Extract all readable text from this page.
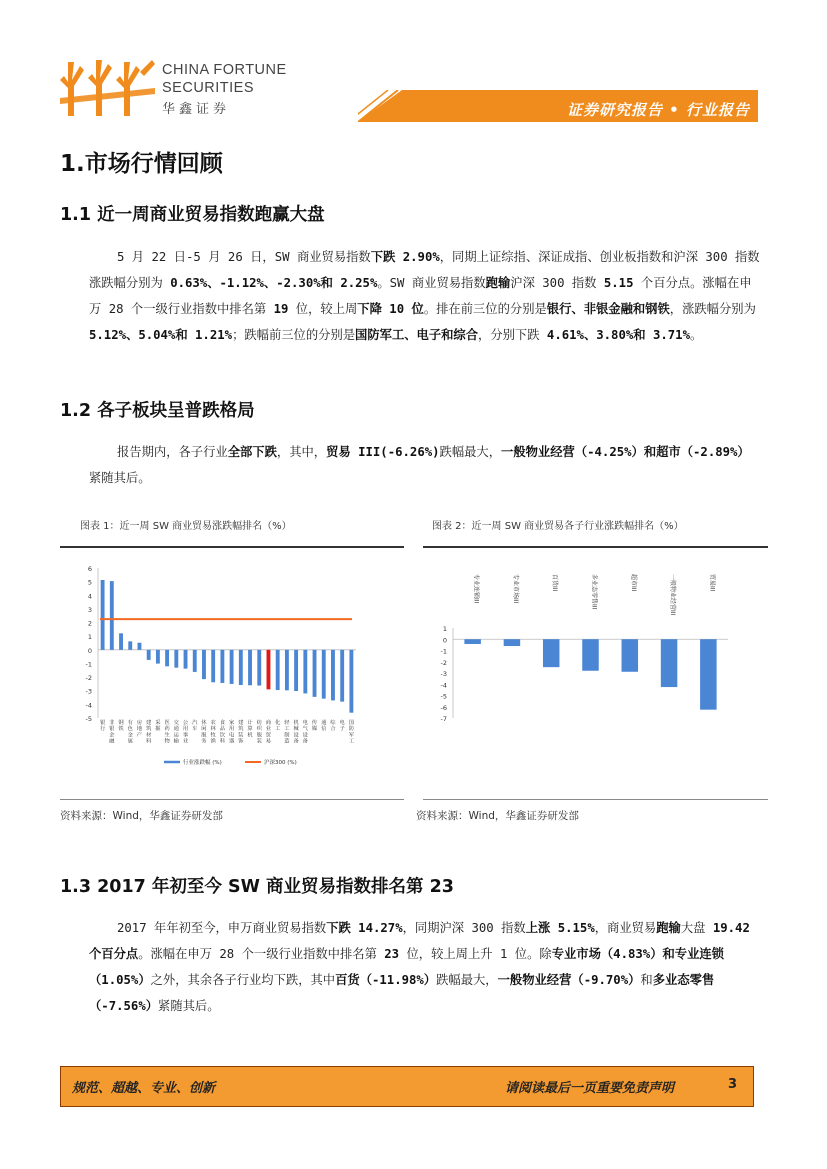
CHINA FORTUNE
SECURITIES
华鑫证券	证券研究报告 • 行业报告
1.市场行情回顾
1.1 近一周商业贸易指数跑赢大盘
5 月 22 日-5 月 26 日，SW 商业贸易指数下跌 2.90%，同期上证综指、深证成指、创业板指数和沪深 300 指数涨跌幅分别为 0.63%、-1.12%、-2.30%和 2.25%。SW 商业贸易指数跑输沪深 300 指数 5.15 个百分点。涨幅在申万 28 个一级行业指数中排名第 19 位，较上周下降 10 位。排在前三位的分别是银行、非银金融和钢铁，涨跌幅分别为 5.12%、5.04%和 1.21%；跌幅前三位的分别是国防军工、电子和综合，分别下跌 4.61%、3.80%和 3.71%。
1.2 各子板块呈普跌格局
报告期内，各子行业全部下跌，其中，贸易 III(-6.26%)跌幅最大，一般物业经营（-4.25%）和超市（-2.89%）紧随其后。
图表 1：近一周 SW 商业贸易涨跌幅排名（%）
6
5
4
3
2
1
0
-1
-2
-3
-4
-5 银行
非银金融
钢铁
有色金属
房地产
建筑材料
采掘
医药生物
交通运输
公用事业
汽车
休闲服务
农林牧渔
食品饮料
家用电器
建筑装饰
计算机
纺织服装
商业贸易
化工
轻工制造
机械设备
电气设备
传媒
通信
综合
电子
国防军工
行业涨跌幅 (%)	沪深300 (%)
资料来源：Wind，华鑫证券研发部
图表 2：近一周 SW 商业贸易各子行业涨跌幅排名（%）
1
0
-1
-2
-3
-4
-5
-6
-7
专业连锁III	专业市场III	百货III	多业态零售III	超市III	一般物业经营III	贸易III
资料来源：Wind，华鑫证券研发部
1.3 2017 年初至今 SW 商业贸易指数排名第 23
2017 年年初至今，申万商业贸易指数下跌 14.27%，同期沪深 300 指数上涨 5.15%，商业贸易跑输大盘 19.42 个百分点。涨幅在申万 28 个一级行业指数中排名第 23 位，较上周上升 1 位。除专业市场（4.83%）和专业连锁（1.05%）之外，其余各子行业均下跌，其中百货（-11.98%）跌幅最大，一般物业经营（-9.70%）和多业态零售（-7.56%）紧随其后。
规范、超越、专业、创新	请阅读最后一页重要免责声明	3
